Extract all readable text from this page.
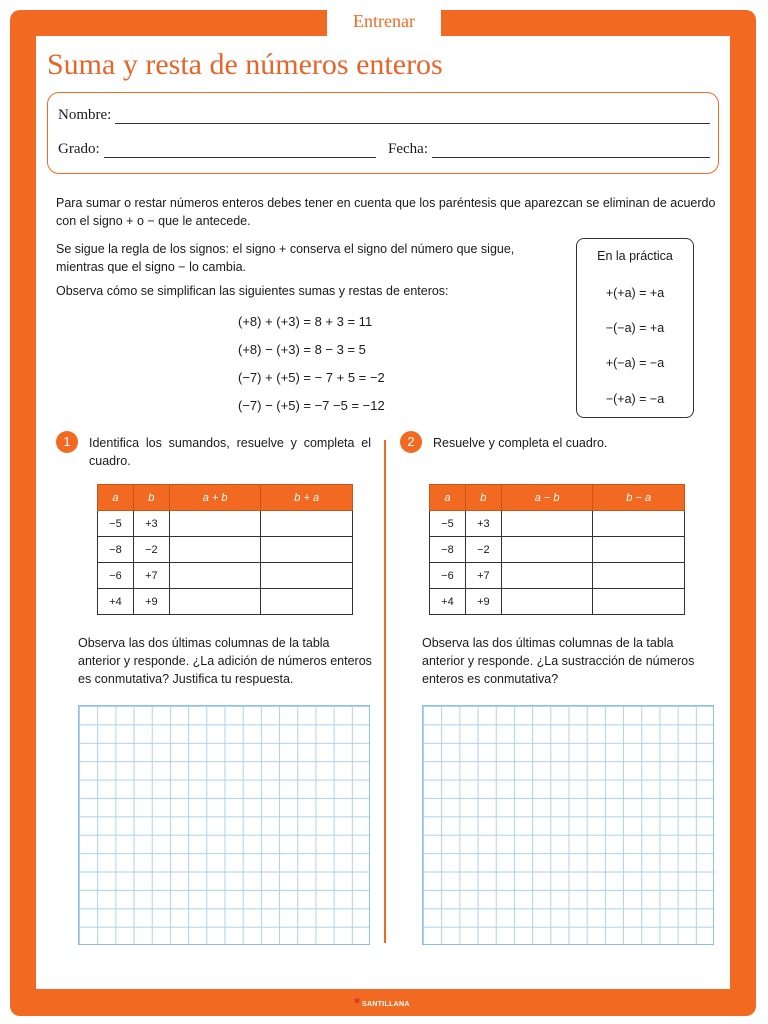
Entrenar
Suma y resta de números enteros
Nombre:
Grado:	Fecha:

Para sumar o restar números enteros debes tener en cuenta que los paréntesis que aparezcan se eliminan de acuerdo con el signo + o − que le antecede.

Se sigue la regla de los signos: el signo + conserva el signo del número que sigue, mientras que el signo − lo cambia.

Observa cómo se simplifican las siguientes sumas y restas de enteros:

(+8) + (+3) = 8 + 3 = 11
(+8) − (+3) = 8 − 3 = 5
(−7) + (+5) = − 7 + 5 = −2
(−7) − (+5) = −7 −5 = −12
En la práctica
+(+a) = +a
−(−a) = +a
+(−a) = −a
−(+a) = −a
1	Identifica los sumandos, resuelve y completa el cuadro.

a	b	a + b	b + a
−5	+3		
−8	−2		
−6	+7		
+4	+9		

Observa las dos últimas columnas de la tabla anterior y responde. ¿La adición de números enteros es conmutativa? Justifica tu respuesta.

2	Resuelve y completa el cuadro.

a	b	a − b	b − a
−5	+3		
−8	−2		
−6	+7		
+4	+9		

Observa las dos últimas columnas de la tabla anterior y responde. ¿La sustracción de números enteros es conmutativa?

✶ SANTILLANA
